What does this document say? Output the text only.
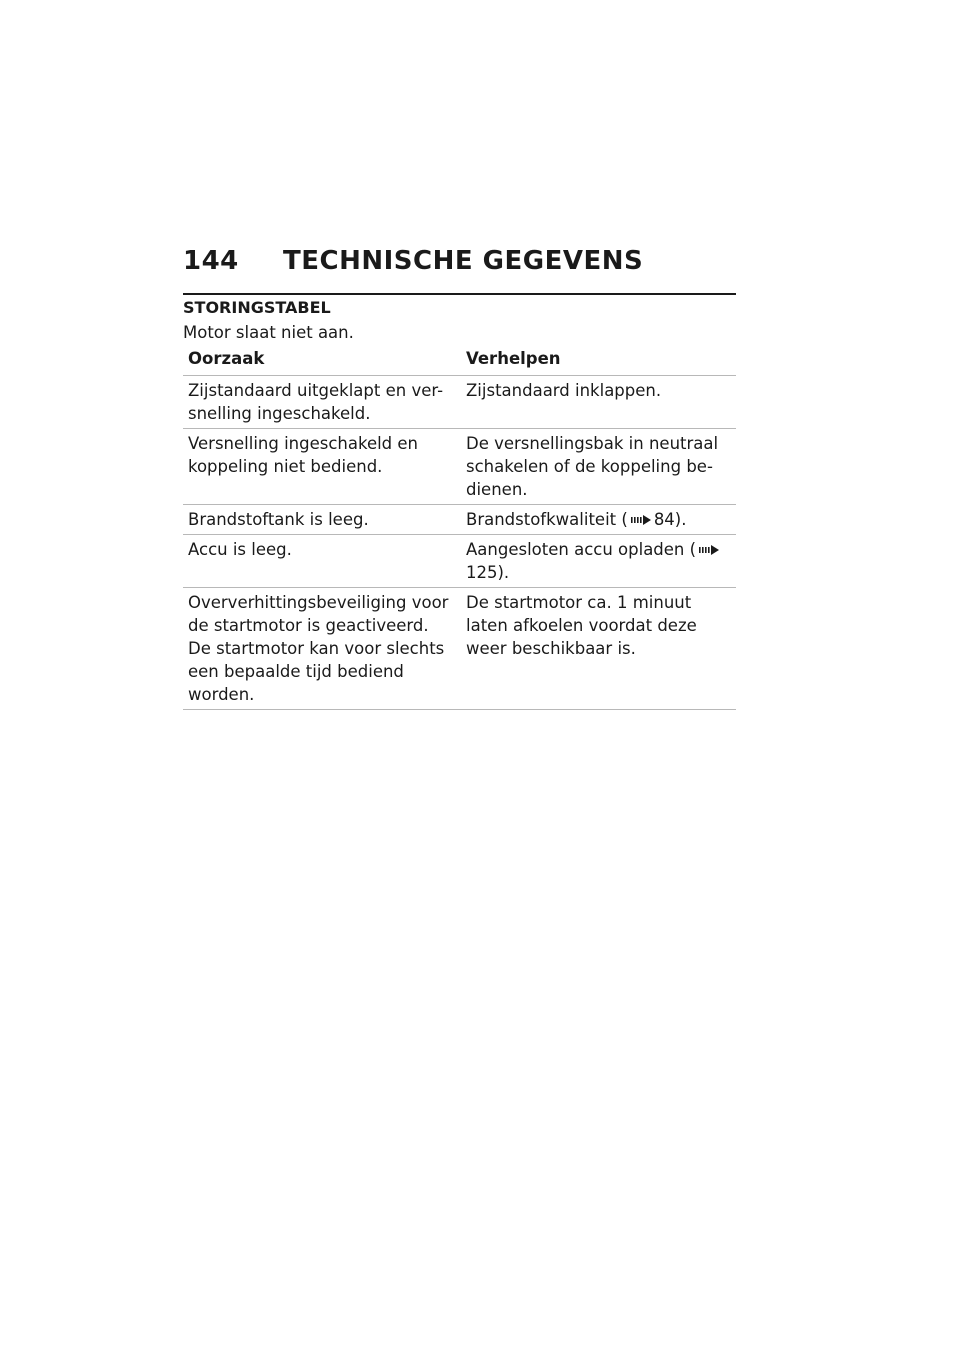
144 TECHNISCHE GEGEVENS
STORINGSTABEL
Motor slaat niet aan.
Oorzaak	Verhelpen
Zijstandaard uitgeklapt en ver-snelling ingeschakeld.	Zijstandaard inklappen.
Versnelling ingeschakeld en koppeling niet bediend.	De versnellingsbak in neutraal schakelen of de koppeling be-dienen.
Brandstoftank is leeg.	Brandstofkwaliteit ( 84).
Accu is leeg.	Aangesloten accu opladen (125).
Oververhittingsbeveiliging voor de startmotor is geactiveerd. De startmotor kan voor slechts een bepaalde tijd bediend worden.	De startmotor ca. 1 minuut laten afkoelen voordat deze weer beschikbaar is.
